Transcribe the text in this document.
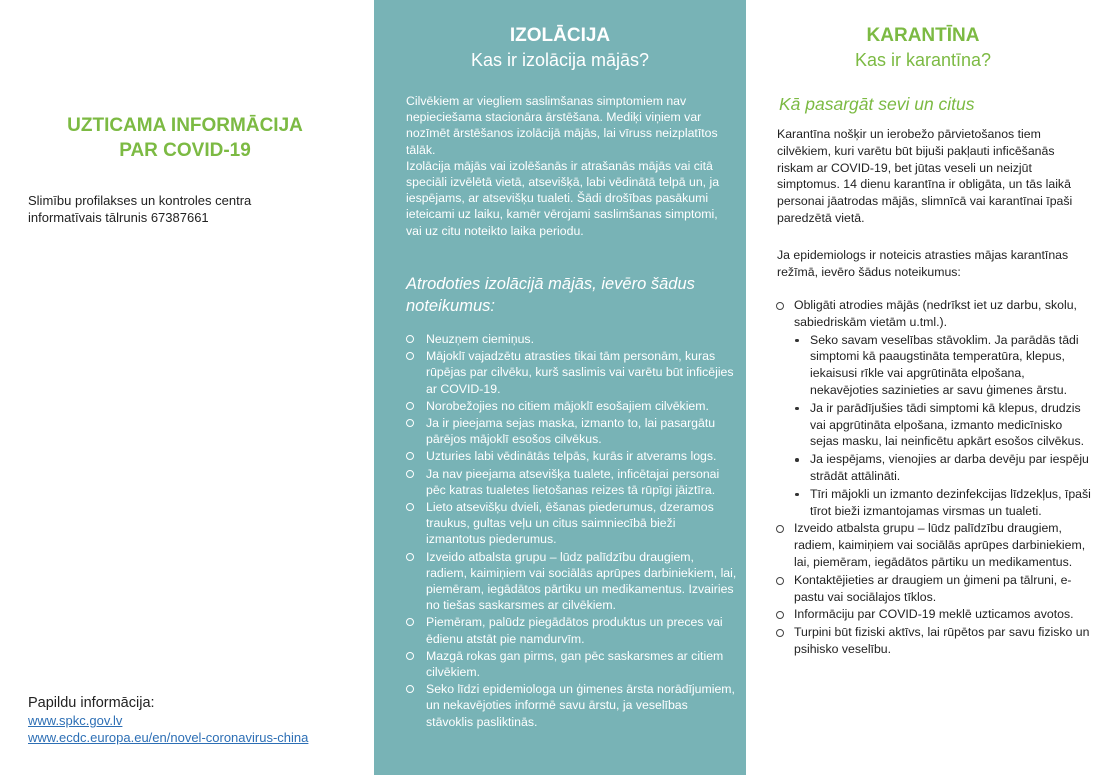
UZTICAMA INFORMĀCIJA
PAR COVID-19
Slimību profilakses un kontroles centra
informatīvais tālrunis 67387661
Papildu informācija:
www.spkc.gov.lv
www.ecdc.europa.eu/en/novel-coronavirus-china
IZOLĀCIJA
Kas ir izolācija mājās?

Cilvēkiem ar viegliem saslimšanas simptomiem nav nepieciešama stacionāra ārstēšana. Mediķi viņiem var nozīmēt ārstēšanos izolācijā mājās, lai vīruss neizplatītos tālāk.

Izolācija mājās vai izolēšanās ir atrašanās mājās vai citā speciāli izvēlētā vietā, atsevišķā, labi vēdinātā telpā un, ja iespējams, ar atsevišķu tualeti. Šādi drošības pasākumi ieteicami uz laiku, kamēr vērojami saslimšanas simptomi, vai uz citu noteikto laika periodu.

Atrodoties izolācijā mājās, ievēro šādus noteikumus:
Neuzņem ciemiņus.
Mājoklī vajadzētu atrasties tikai tām personām, kuras rūpējas par cilvēku, kurš saslimis vai varētu būt inficējies ar COVID-19.
Norobežojies no citiem mājoklī esošajiem cilvēkiem.
Ja ir pieejama sejas maska, izmanto to, lai pasargātu pārējos mājoklī esošos cilvēkus.
Uzturies labi vēdinātās telpās, kurās ir atverams logs.
Ja nav pieejama atsevišķa tualete, inficētajai personai pēc katras tualetes lietošanas reizes tā rūpīgi jāiztīra.
Lieto atsevišķu dvieli, ēšanas piederumus, dzeramos traukus, gultas veļu un citus saimniecībā bieži izmantotus piederumus.
Izveido atbalsta grupu – lūdz palīdzību draugiem, radiem, kaimiņiem vai sociālās aprūpes darbiniekiem, lai, piemēram, iegādātos pārtiku un medikamentus. Izvairies no tiešas saskarsmes ar cilvēkiem.
Piemēram, palūdz piegādātos produktus un preces vai ēdienu atstāt pie namdurvīm.
Mazgā rokas gan pirms, gan pēc saskarsmes ar citiem cilvēkiem.
Seko līdzi epidemiologa un ģimenes ārsta norādījumiem, un nekavējoties informē savu ārstu, ja veselības stāvoklis pasliktinās.
KARANTĪNA
Kas ir karantīna?
Kā pasargāt sevi un citus
Karantīna nošķir un ierobežo pārvietošanos tiem cilvēkiem, kuri varētu būt bijuši pakļauti inficēšanās riskam ar COVID-19, bet jūtas veseli un neizjūt simptomus. 14 dienu karantīna ir obligāta, un tās laikā personai jāatrodas mājās, slimnīcā vai karantīnai īpaši paredzētā vietā.
Ja epidemiologs ir noteicis atrasties mājas karantīnas režīmā, ievēro šādus noteikumus:
Obligāti atrodies mājās (nedrīkst iet uz darbu, skolu, sabiedriskām vietām u.tml.).
Seko savam veselības stāvoklim. Ja parādās tādi simptomi kā paaugstināta temperatūra, klepus, iekaisusi rīkle vai apgrūtināta elpošana, nekavējoties sazinieties ar savu ģimenes ārstu.
Ja ir parādījušies tādi simptomi kā klepus, drudzis vai apgrūtināta elpošana, izmanto medicīnisko sejas masku, lai neinficētu apkārt esošos cilvēkus.
Ja iespējams, vienojies ar darba devēju par iespēju strādāt attālināti.
Tīri mājokli un izmanto dezinfekcijas līdzekļus, īpaši tīrot bieži izmantojamas virsmas un tualeti.
Izveido atbalsta grupu – lūdz palīdzību draugiem, radiem, kaimiņiem vai sociālās aprūpes darbiniekiem, lai, piemēram, iegādātos pārtiku un medikamentus.
Kontaktējieties ar draugiem un ģimeni pa tālruni, e-pastu vai sociālajos tīklos.
Informāciju par COVID-19 meklē uzticamos avotos.
Turpini būt fiziski aktīvs, lai rūpētos par savu fizisko un psihisko veselību.
